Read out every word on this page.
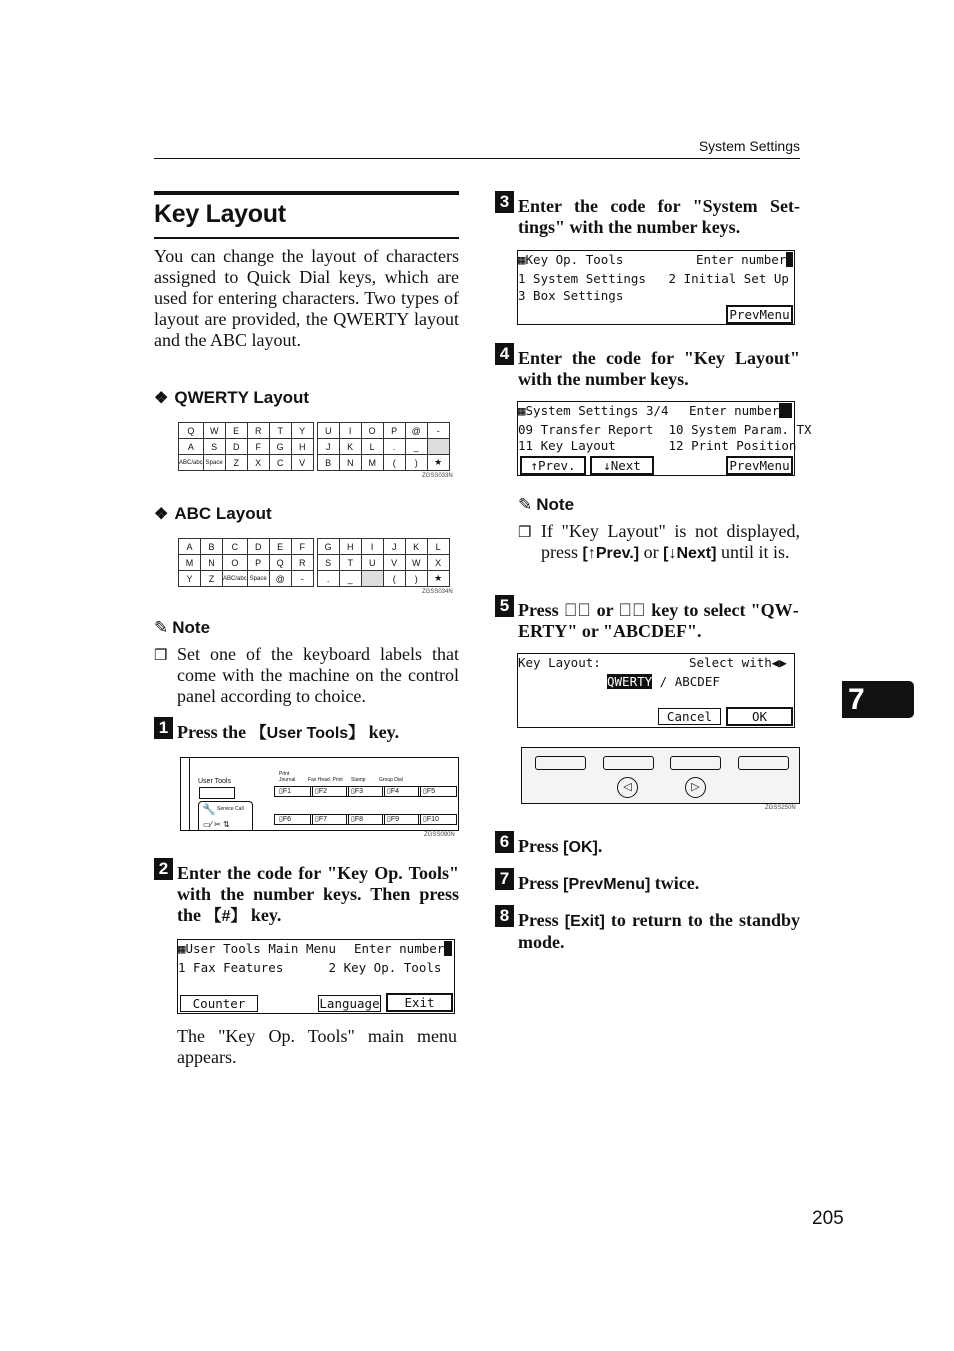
System Settings
Key Layout
You can change the layout of characters assigned to Quick Dial keys, which are used for entering characters. Two types of layout are provided, the QWERTY layout and the ABC layout.
❖ QWERTY Layout
Q	W	E	R	T	Y		U	I	O	P	@	-
A	S	D	F	G	H		J	K	L	.	_	
ABC/abc	Space	Z	X	C	V		B	N	M	(	)	★
ZGSS033N
❖ ABC Layout
A	B	C	D	E	F		G	H	I	J	K	L
M	N	O	P	Q	R		S	T	U	V	W	X
Y	Z	ABC/abc	Space	@	-		.	_		(	)	★
ZGSS034N
✎ Note
❒ Set one of the keyboard labels that come with the machine on the control panel according to choice.
1 Press the 【User Tools】 key.
User Tools
Print Journal	Fax Head. Print Stamp	Group Dial
▯F1	▯F2	▯F3	▯F4	▯F5
▯F6	▯F7	▯F8	▯F9	▯F10
🔧 Service Call
▭⁄ ✂ ⇅
ZGSS090N
2 Enter the code for "Key Op. Tools" with the number keys. Then press the 【#】 key.
▦User Tools Main Menu Enter number
1 Fax Features      2 Key Op. Tools
Counter	Language	Exit
The "Key Op. Tools" main menu appears.
3 Enter the code for "System Settings" with the number keys.
▦Key Op. Tools	Enter number
1 System Settings   2 Initial Set Up
3 Box Settings
PrevMenu
4 Enter the code for "Key Layout" with the number keys.
▦System Settings 3/4 Enter number
09 Transfer Report  10 System Param. TX
11 Key Layout       12 Print Position
↑Prev.	↓Next	PrevMenu
✎ Note
❒ If "Key Layout" is not displayed, press [↑Prev.] or [↓Next] until it is.
5 Press ◁⃝ or ▷⃝ key to select "QWERTY" or "ABCDEF".
Key Layout:	Select with◀▶
QWERTY / ABCDEF
Cancel	OK
◁	▷
ZGSS250N
6 Press [OK].
7 Press [PrevMenu] twice.
8 Press [Exit] to return to the standby mode.
7
205
